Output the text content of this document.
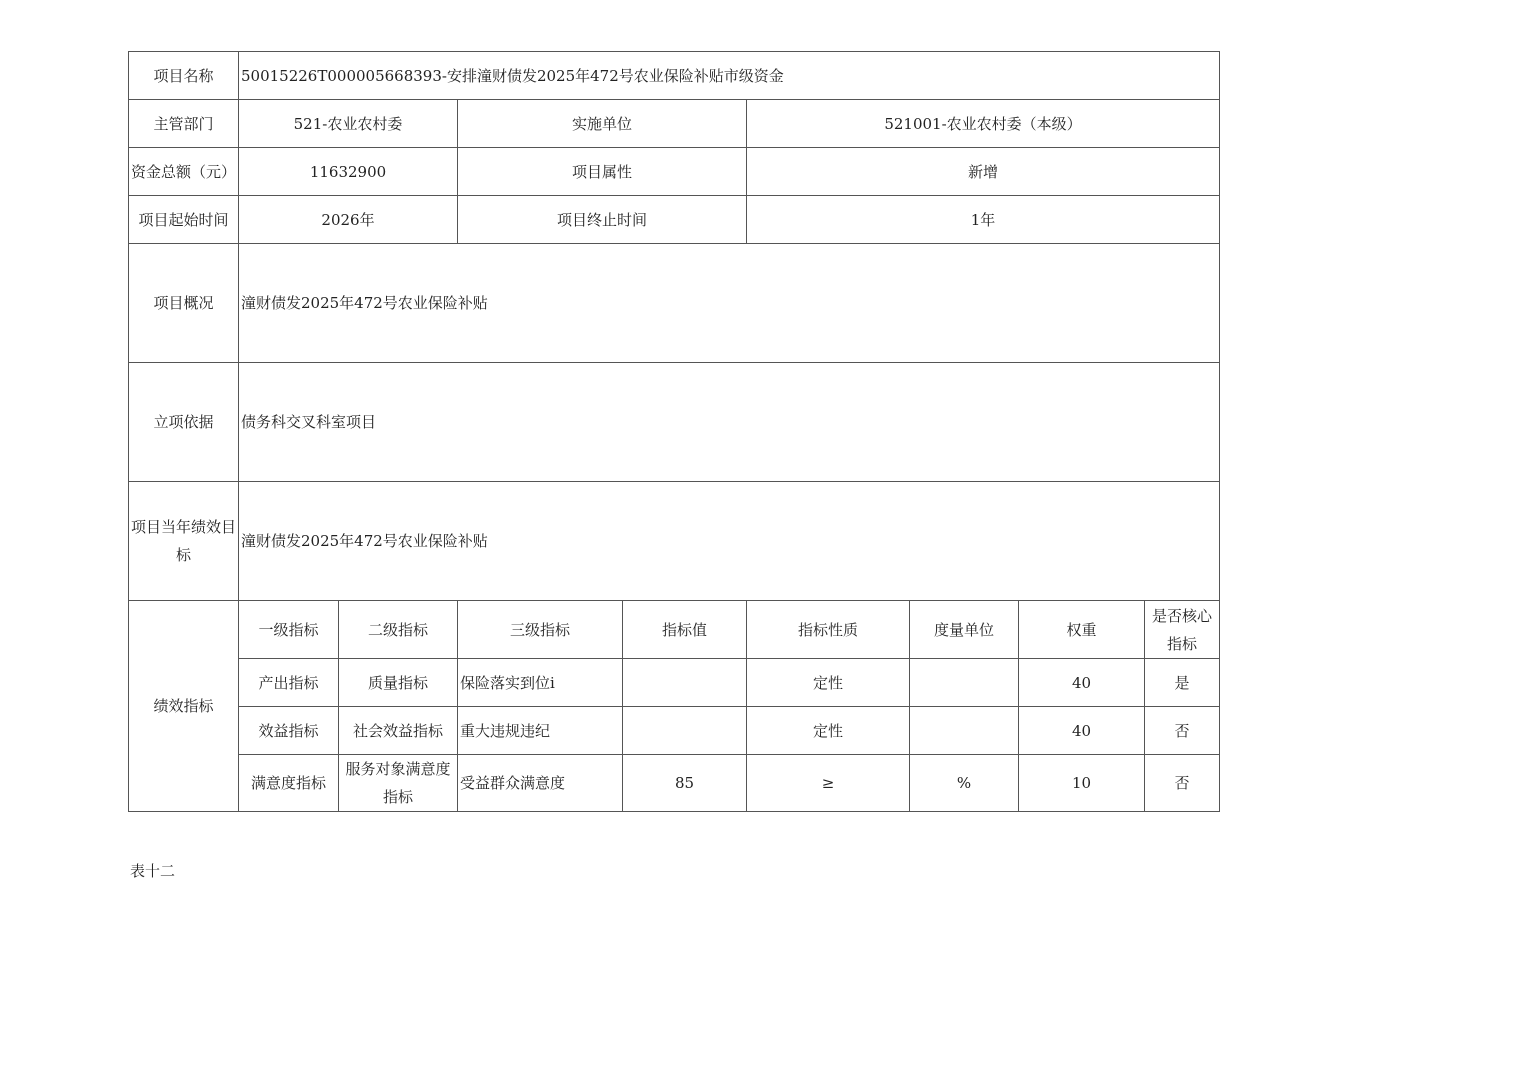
项目名称	50015226T000005668393-安排潼财债发2025年472号农业保险补贴市级资金							
主管部门	521-农业农村委		实施单位		521001-农业农村委（本级）			
资金总额（元）	11632900		项目属性		新增			
项目起始时间	2026年		项目终止时间		1年			
项目概况	潼财债发2025年472号农业保险补贴							
立项依据	债务科交叉科室项目							
项目当年绩效目标	潼财债发2025年472号农业保险补贴							
绩效指标	一级指标	二级指标	三级指标	指标值	指标性质	度量单位	权重	是否核心指标
	产出指标	质量指标	保险落实到位i		定性		40	是
	效益指标	社会效益指标	重大违规违纪		定性		40	否
	满意度指标	服务对象满意度指标	受益群众满意度	85	≥	%	10	否
表十二
